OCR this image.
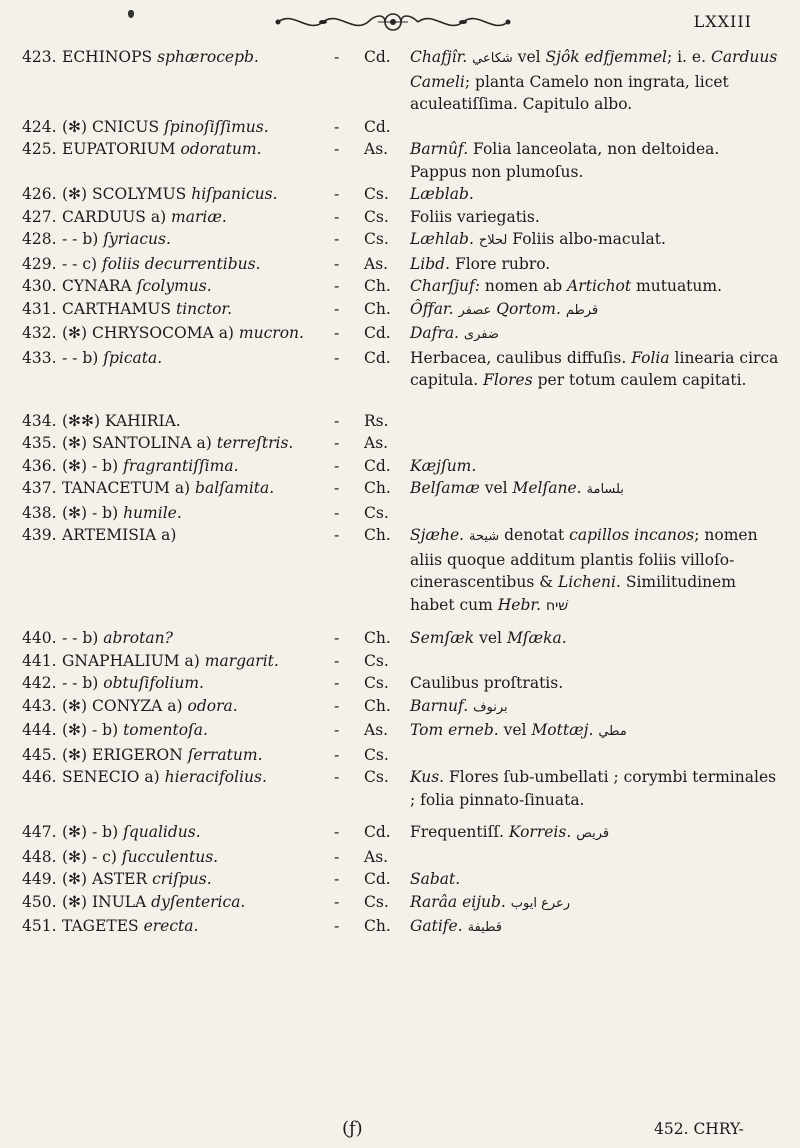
LXXIII
423. ECHINOPS sphærocepb.	- Cd.	Chafjîr. شكاعي vel Sjôk edfjemmel; i. e. Carduus Cameli; planta Camelo non ingrata, licet aculeatiſſima. Capitulo albo.
424. (✻) CNICUS ſpinoſiſſimus.	- Cd.
425. EUPATORIUM odoratum.	- As.	Barnûf. Folia lanceolata, non deltoidea. Pappus non plumoſus.
426. (✻) SCOLYMUS hiſpanicus.	- Cs.	Læblab.
427. CARDUUS a) mariæ.	- Cs.	Foliis variegatis.
428. - - b) ſyriacus.	- Cs.	Læhlab. لحلاح Foliis albo-maculat.
429. - - c) foliis decurrentibus.	- As.	Libd. Flore rubro.
430. CYNARA ſcolymus.	- Ch.	Charſjuf: nomen ab Artichot mutuatum.
431. CARTHAMUS tinctor.	- Ch.	Ôffar. عصفر Qortom. قرطم
432. (✻) CHRYSOCOMA a) mucron.	- Cd.	Dafra. ضفرى
433. - - b) ſpicata.	- Cd.	Herbacea, caulibus diffuſis. Folia linearia circa capitula. Flores per totum caulem capitati.
434. (✻✻) KAHIRIA.	- Rs.
435. (✻) SANTOLINA a) terreſtris.	- As.
436. (✻) - b) fragrantiſſima.	- Cd.	Kæjſum.
437. TANACETUM a) balſamita.	- Ch.	Belſamæ vel Melſane. بلسامة
438. (✻) - b) humile.	- Cs.
439. ARTEMISIA a)	- Ch.	Sjæhe. شيحة denotat capillos incanos; nomen aliis quoque additum plantis foliis villoſo-cinerascentibus & Licheni. Similitudinem habet cum Hebr. שׁיח
440. - - b) abrotan?	- Ch.	Semſæk vel Mſæka.
441. GNAPHALIUM a) margarit.	- Cs.
442. - - b) obtuſifolium.	- Cs.	Caulibus proſtratis.
443. (✻) CONYZA a) odora.	- Ch.	Barnuf. برنوف
444. (✻) - b) tomentoſa.	- As.	Tom erneb. vel Mottæj. مطي
445. (✻) ERIGERON ſerratum.	- Cs.
446. SENECIO a) hieracifolius.	- Cs.	Kus. Flores ſub-umbellati ; corymbi terminales ; folia pinnato-ſinuata.
447. (✻) - b) ſqualidus.	- Cd.	Frequentiſſ. Korreis. قريص
448. (✻) - c) ſucculentus.	- As.
449. (✻) ASTER criſpus.	- Cd.	Sabat.
450. (✻) INULA dyſenterica.	- Cs.	Rarâa eijub. رعرع ايوب
451. TAGETES erecta.	- Ch.	Gatife. قطيفة
(ƒ)	452. CHRY-
